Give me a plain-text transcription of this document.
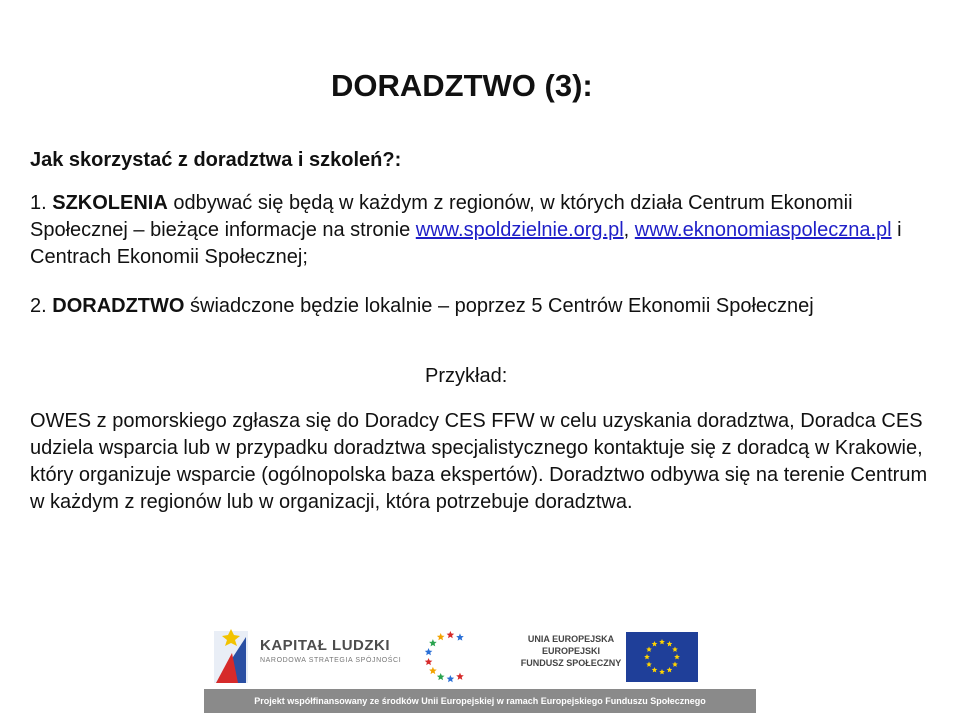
DORADZTWO (3):
Jak skorzystać z doradztwa i szkoleń?:
1. SZKOLENIA odbywać się będą w każdym z regionów, w których działa Centrum Ekonomii Społecznej – bieżące informacje na stronie www.spoldzielnie.org.pl, www.eknonomiaspoleczna.pl i Centrach Ekonomii Społecznej;
2. DORADZTWO świadczone będzie lokalnie – poprzez 5 Centrów Ekonomii Społecznej
Przykład:
OWES z pomorskiego zgłasza się do Doradcy CES FFW w celu uzyskania doradztwa, Doradca CES udziela wsparcia lub w przypadku doradztwa specjalistycznego kontaktuje się z doradcą w Krakowie, który organizuje wsparcie (ogólnopolska baza ekspertów). Doradztwo odbywa się na terenie Centrum w każdym z regionów lub w organizacji, która potrzebuje doradztwa.
KAPITAŁ LUDZKI
NARODOWA STRATEGIA SPÓJNOŚCI
UNIA EUROPEJSKA
EUROPEJSKI
FUNDUSZ SPOŁECZNY
Projekt współfinansowany ze środków Unii Europejskiej w ramach Europejskiego Funduszu Społecznego
